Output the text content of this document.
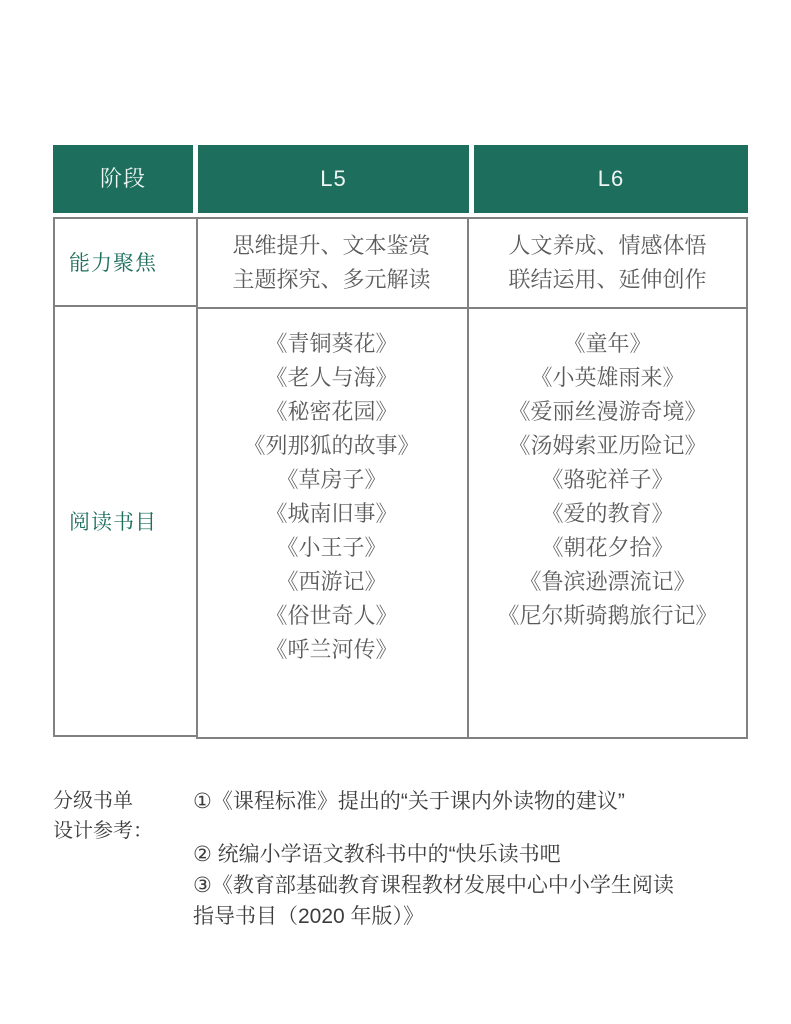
阶段	L5	L6
能力聚焦
阅读书目
思维提升、文本鉴赏
主题探究、多元解读
人文养成、情感体悟
联结运用、延伸创作
《青铜葵花》
《老人与海》
《秘密花园》
《列那狐的故事》
《草房子》
《城南旧事》
《小王子》
《西游记》
《俗世奇人》
《呼兰河传》
《童年》
《小英雄雨来》
《爱丽丝漫游奇境》
《汤姆索亚历险记》
《骆驼祥子》
《爱的教育》
《朝花夕拾》
《鲁滨逊漂流记》
《尼尔斯骑鹅旅行记》
分级书单
设计参考：
①《课程标准》提出的“关于课内外读物的建议”
② 统编小学语文教科书中的“快乐读书吧
③《教育部基础教育课程教材发展中心中小学生阅读
指导书目（2020 年版）》
